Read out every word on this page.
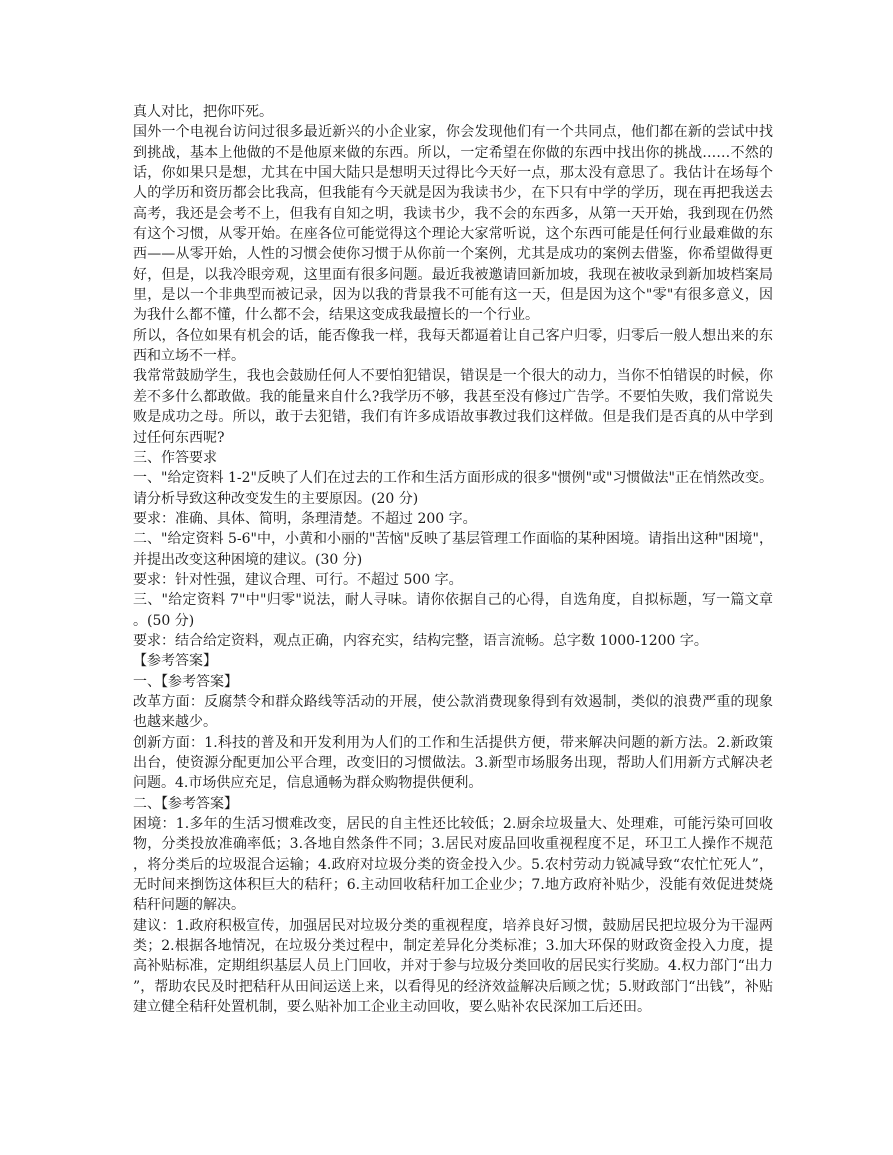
真人对比，把你吓死。

国外一个电视台访问过很多最近新兴的小企业家，你会发现他们有一个共同点，他们都在新的尝试中找到挑战，基本上他做的不是他原来做的东西。所以，一定希望在你做的东西中找出你的挑战……不然的话，你如果只是想，尤其在中国大陆只是想明天过得比今天好一点，那太没有意思了。我估计在场每个人的学历和资历都会比我高，但我能有今天就是因为我读书少，在下只有中学的学历，现在再把我送去高考，我还是会考不上，但我有自知之明，我读书少，我不会的东西多，从第一天开始，我到现在仍然有这个习惯，从零开始。在座各位可能觉得这个理论大家常听说，这个东西可能是任何行业最难做的东西——从零开始，人性的习惯会使你习惯于从你前一个案例，尤其是成功的案例去借鉴，你希望做得更好，但是，以我冷眼旁观，这里面有很多问题。最近我被邀请回新加坡，我现在被收录到新加坡档案局里，是以一个非典型而被记录，因为以我的背景我不可能有这一天，但是因为这个"零"有很多意义，因为我什么都不懂，什么都不会，结果这变成我最擅长的一个行业。

所以，各位如果有机会的话，能否像我一样，我每天都逼着让自己客户归零，归零后一般人想出来的东西和立场不一样。

我常常鼓励学生，我也会鼓励任何人不要怕犯错误，错误是一个很大的动力，当你不怕错误的时候，你差不多什么都敢做。我的能量来自什么?我学历不够，我甚至没有修过广告学。不要怕失败，我们常说失败是成功之母。所以，敢于去犯错，我们有许多成语故事教过我们这样做。但是我们是否真的从中学到过任何东西呢?

三、作答要求

一、"给定资料 1-2"反映了人们在过去的工作和生活方面形成的很多"惯例"或"习惯做法"正在悄然改变。请分析导致这种改变发生的主要原因。(20 分)

要求：准确、具体、简明，条理清楚。不超过 200 字。

二、"给定资料 5-6"中，小黄和小丽的"苦恼"反映了基层管理工作面临的某种困境。请指出这种"困境"，并提出改变这种困境的建议。(30 分)

要求：针对性强，建议合理、可行。不超过 500 字。

三、"给定资料 7"中"归零"说法，耐人寻味。请你依据自己的心得，自选角度，自拟标题，写一篇文章。(50 分)

要求：结合给定资料，观点正确，内容充实，结构完整，语言流畅。总字数 1000-1200 字。

【参考答案】

一、【参考答案】

改革方面：反腐禁令和群众路线等活动的开展，使公款消费现象得到有效遏制，类似的浪费严重的现象也越来越少。

创新方面：1.科技的普及和开发利用为人们的工作和生活提供方便，带来解决问题的新方法。2.新政策出台，使资源分配更加公平合理，改变旧的习惯做法。3.新型市场服务出现，帮助人们用新方式解决老问题。4.市场供应充足，信息通畅为群众购物提供便利。

二、【参考答案】

困境：1.多年的生活习惯难改变，居民的自主性还比较低；2.厨余垃圾量大、处理难，可能污染可回收物，分类投放准确率低；3.各地自然条件不同；3.居民对废品回收重视程度不足，环卫工人操作不规范，将分类后的垃圾混合运输；4.政府对垃圾分类的资金投入少。5.农村劳动力锐减导致“农忙忙死人”，无时间来捯饬这体积巨大的秸秆；6.主动回收秸秆加工企业少；7.地方政府补贴少，没能有效促进焚烧秸秆问题的解决。

建议：1.政府积极宣传，加强居民对垃圾分类的重视程度，培养良好习惯，鼓励居民把垃圾分为干湿两类；2.根据各地情况，在垃圾分类过程中，制定差异化分类标准；3.加大环保的财政资金投入力度，提高补贴标准，定期组织基层人员上门回收，并对于参与垃圾分类回收的居民实行奖励。4.权力部门“出力”，帮助农民及时把秸秆从田间运送上来，以看得见的经济效益解决后顾之忧；5.财政部门“出钱”，补贴建立健全秸秆处置机制，要么贴补加工企业主动回收，要么贴补农民深加工后还田。
